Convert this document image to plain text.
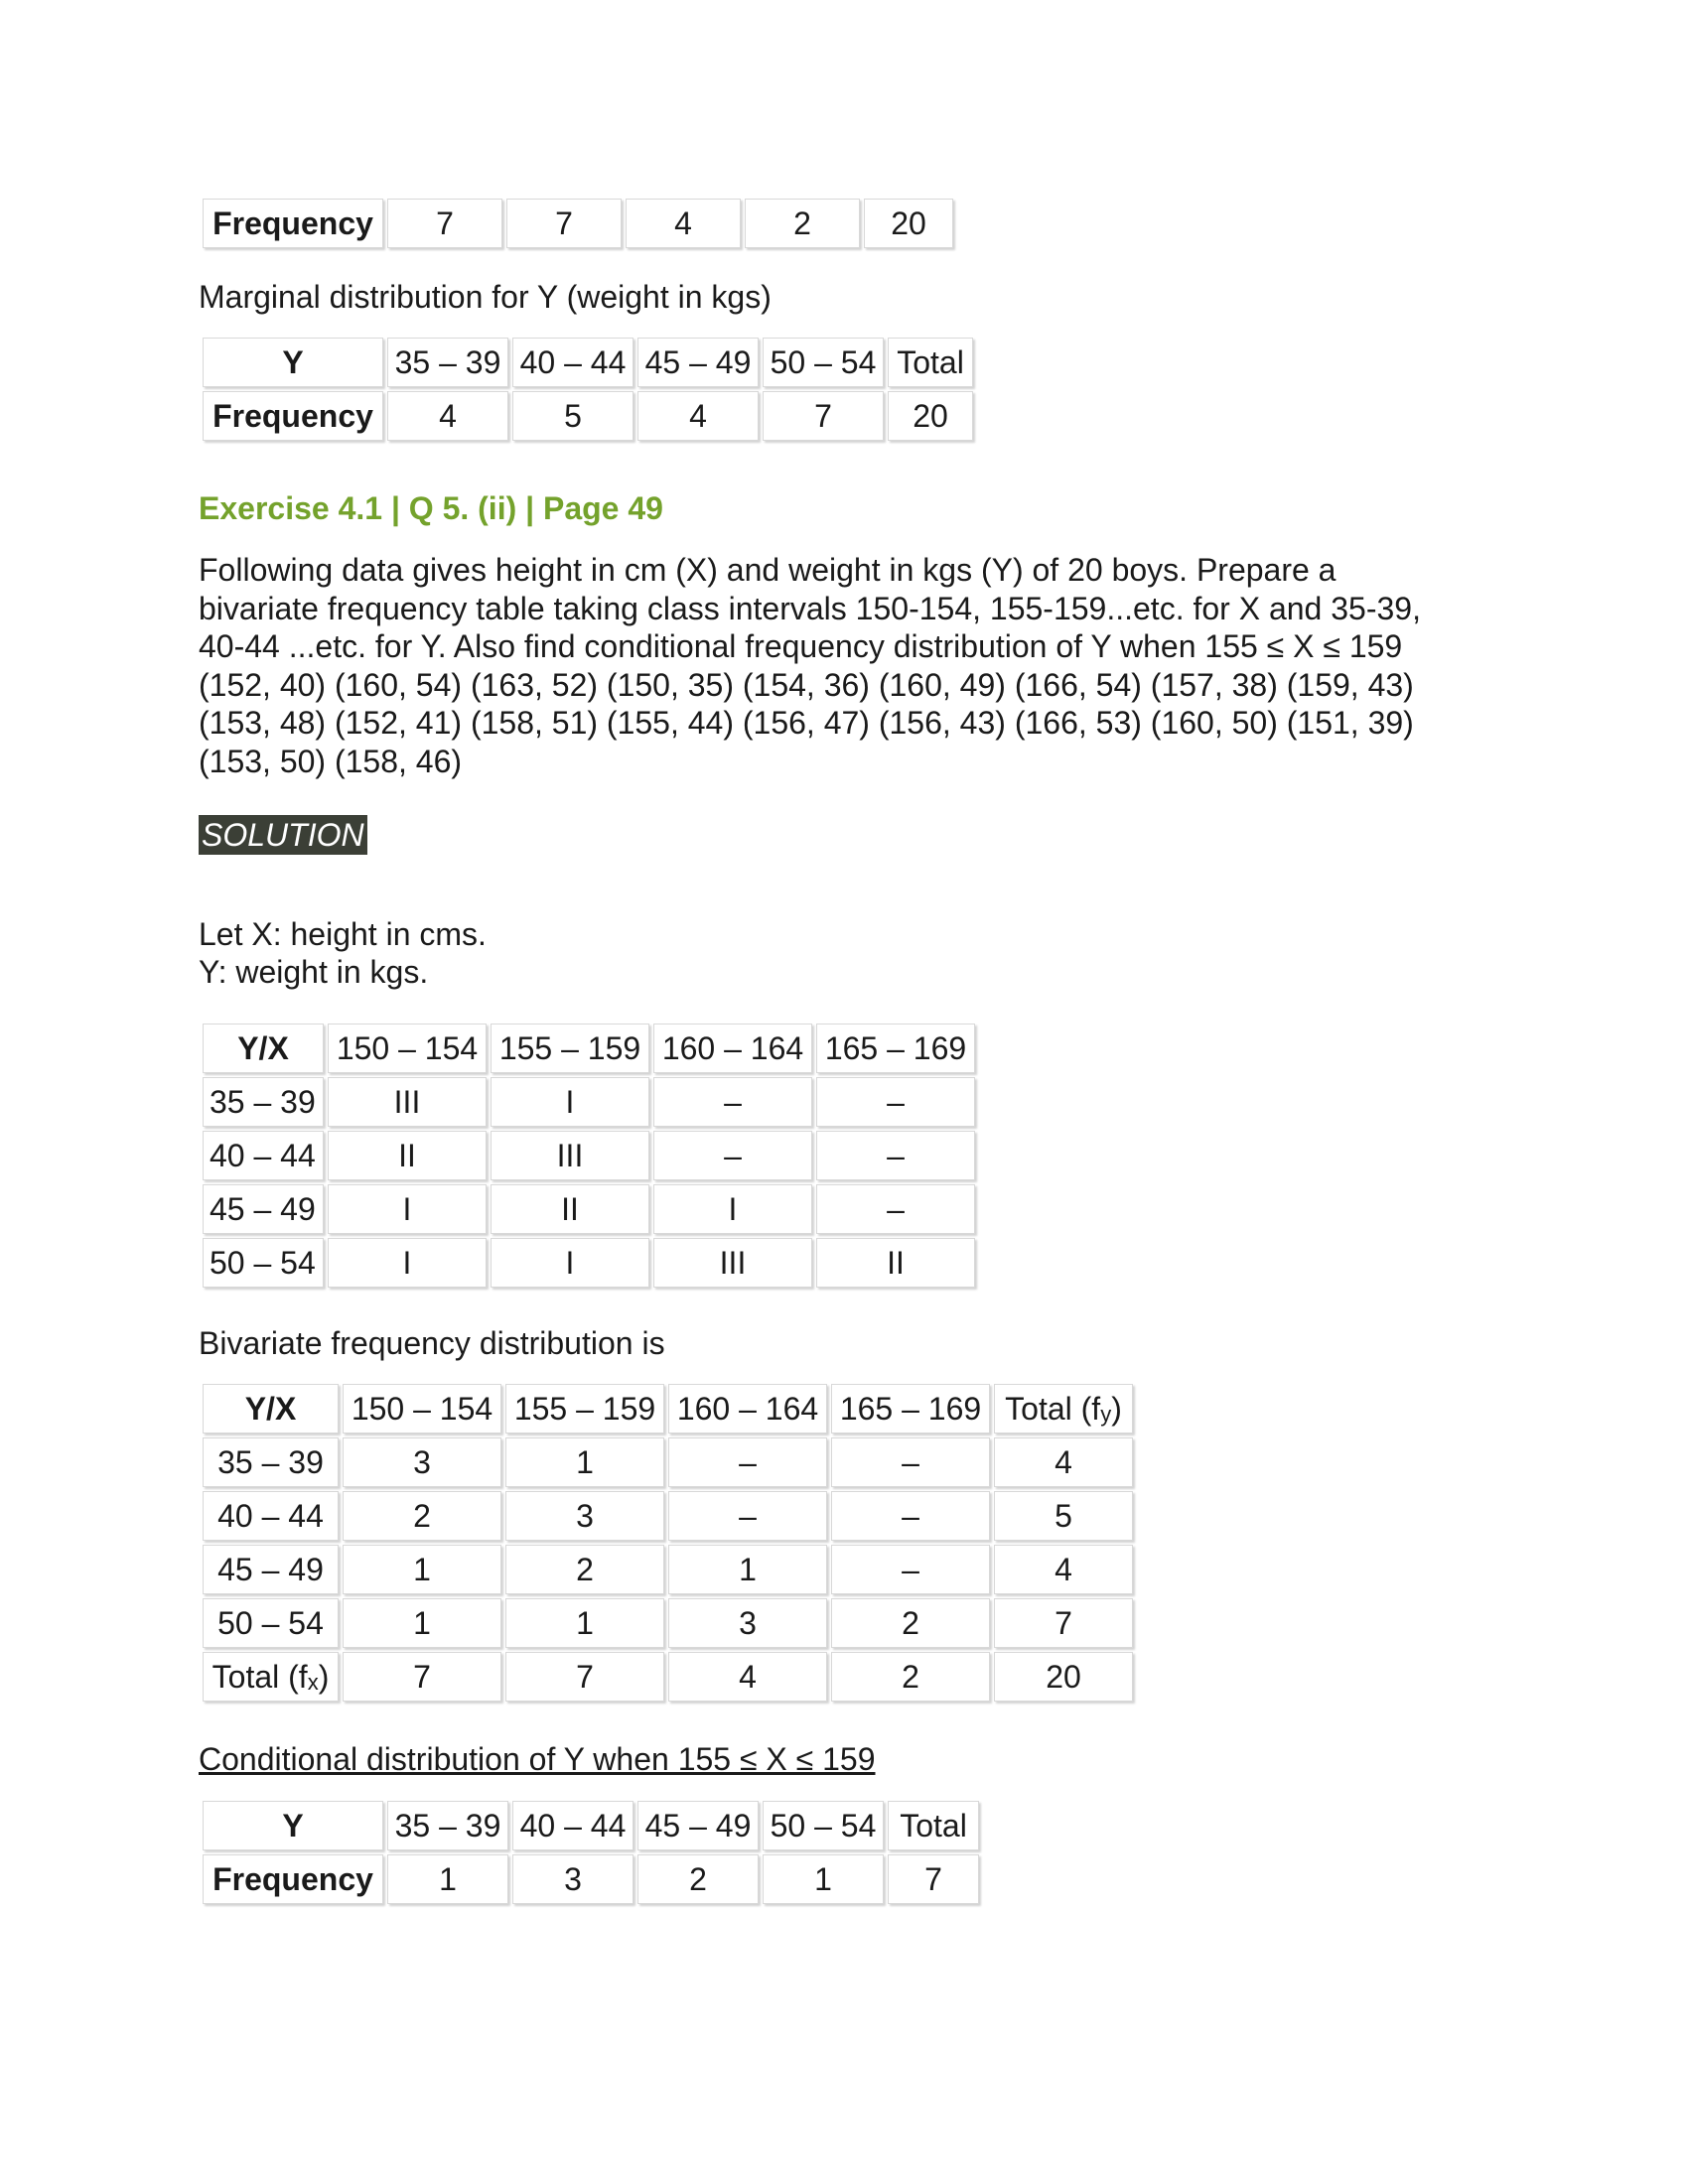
Frequency	7	7	4	2	20
Marginal distribution for Y (weight in kgs)
Y	35 – 39	40 – 44	45 – 49	50 – 54	Total
Frequency	4	5	4	7	20
Exercise 4.1 | Q 5. (ii) | Page 49
Following data gives height in cm (X) and weight in kgs (Y) of 20 boys. Prepare a
bivariate frequency table taking class intervals 150-154, 155-159...etc. for X and 35-39,
40-44 ...etc. for Y. Also find conditional frequency distribution of Y when 155 ≤ X ≤ 159
(152, 40) (160, 54) (163, 52) (150, 35) (154, 36) (160, 49) (166, 54) (157, 38) (159, 43)
(153, 48) (152, 41) (158, 51) (155, 44) (156, 47) (156, 43) (166, 53) (160, 50) (151, 39)
(153, 50) (158, 46)
SOLUTION
Let X: height in cms.
Y: weight in kgs.
Y/X	150 – 154	155 – 159	160 – 164	165 – 169
35 – 39	III	I	–	–
40 – 44	II	III	–	–
45 – 49	I	II	I	–
50 – 54	I	I	III	II
Bivariate frequency distribution is
Y/X	150 – 154	155 – 159	160 – 164	165 – 169	Total $(f_y)$
35 – 39	3	1	–	–	4
40 – 44	2	3	–	–	5
45 – 49	1	2	1	–	4
50 – 54	1	1	3	2	7
Total $(f_x)$	7	7	4	2	20
Conditional distribution of Y when 155 ≤ X ≤ 159
Y	35 – 39	40 – 44	45 – 49	50 – 54	Total
Frequency	1	3	2	1	7
